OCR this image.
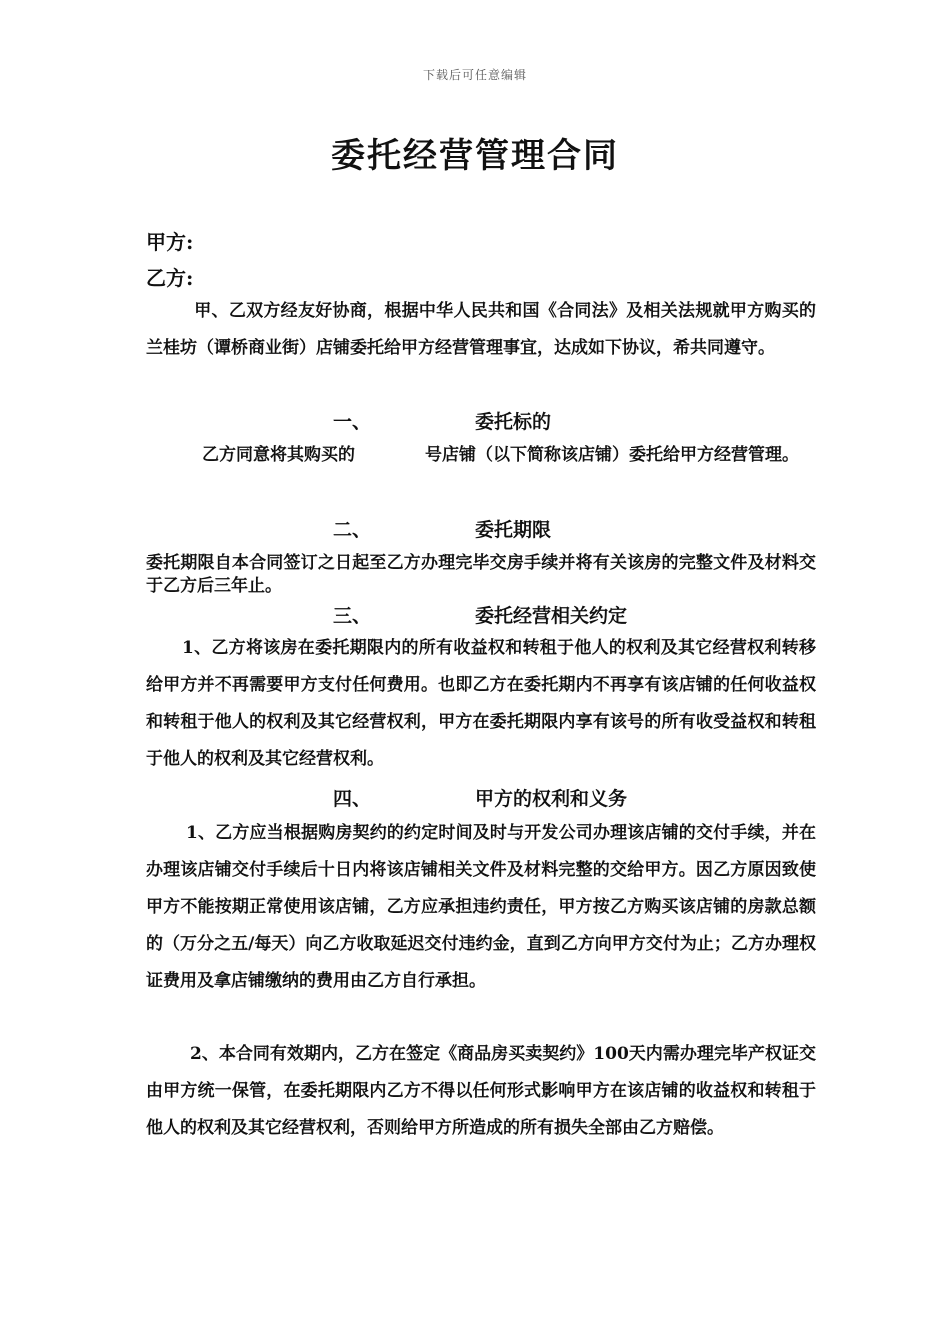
下载后可任意编辑
委托经营管理合同
甲方:
乙方:
甲、乙双方经友好协商，根据中华人民共和国《合同法》及相关法规就甲方购买的兰桂坊（谭桥商业街）店铺委托给甲方经营管理事宜，达成如下协议，希共同遵守。
一、	委托标的
乙方同意将其购买的	号店铺（以下简称该店铺）委托给甲方经营管理。
二、	委托期限
委托期限自本合同签订之日起至乙方办理完毕交房手续并将有关该房的完整文件及材料交于乙方后三年止。
三、	委托经营相关约定
1、乙方将该房在委托期限内的所有收益权和转租于他人的权利及其它经营权利转移给甲方并不再需要甲方支付任何费用。也即乙方在委托期内不再享有该店铺的任何收益权和转租于他人的权利及其它经营权利，甲方在委托期限内享有该号的所有收受益权和转租于他人的权利及其它经营权利。
四、	甲方的权利和义务
1、乙方应当根据购房契约的约定时间及时与开发公司办理该店铺的交付手续，并在办理该店铺交付手续后十日内将该店铺相关文件及材料完整的交给甲方。因乙方原因致使甲方不能按期正常使用该店铺，乙方应承担违约责任，甲方按乙方购买该店铺的房款总额的（万分之五/每天）向乙方收取延迟交付违约金，直到乙方向甲方交付为止；乙方办理权证费用及拿店铺缴纳的费用由乙方自行承担。
2、本合同有效期内，乙方在签定《商品房买卖契约》100天内需办理完毕产权证交由甲方统一保管，在委托期限内乙方不得以任何形式影响甲方在该店铺的收益权和转租于他人的权利及其它经营权利，否则给甲方所造成的所有损失全部由乙方赔偿。
